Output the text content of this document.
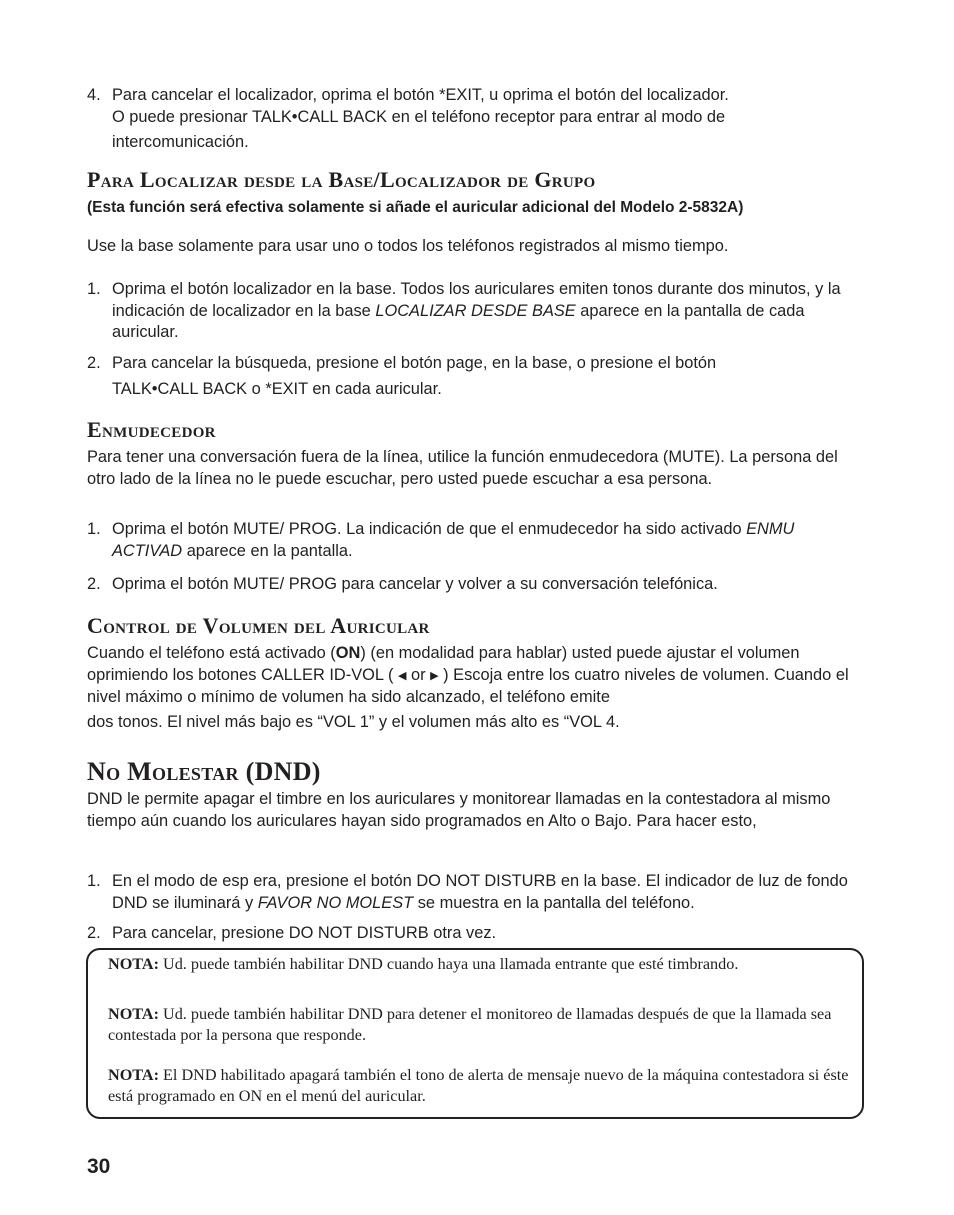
4. Para cancelar el localizador, oprima el botón *EXIT, u oprima el botón del localizador.
O puede presionar TALK•CALL BACK en el teléfono receptor para entrar al modo de
intercomunicación.
Para Localizar desde la Base/Localizador de Grupo

(Esta función será efectiva solamente si añade el auricular adicional del Modelo 2-5832A)

Use la base solamente para usar uno o todos los teléfonos registrados al mismo tiempo.

1. Oprima el botón localizador en la base. Todos los auriculares emiten tonos durante dos minutos, y la indicación de localizador en la base LOCALIZAR DESDE BASE aparece en la pantalla de cada auricular.
2. Para cancelar la búsqueda, presione el botón page, en la base, o presione el botón
TALK•CALL BACK o *EXIT en cada auricular.
Enmudecedor

Para tener una conversación fuera de la línea, utilice la función enmudecedora (MUTE). La persona del otro lado de la línea no le puede escuchar, pero usted puede escuchar a esa persona.

1. Oprima el botón MUTE/ PROG. La indicación de que el enmudecedor ha sido activado ENMU ACTIVAD aparece en la pantalla.
2. Oprima el botón MUTE/ PROG para cancelar y volver a su conversación telefónica.
Control de Volumen del Auricular

Cuando el teléfono está activado (ON) (en modalidad para hablar) usted puede ajustar el volumen oprimiendo los botones CALLER ID-VOL ( ◀ or ▶ ) Escoja entre los cuatro niveles de volumen. Cuando el nivel máximo o mínimo de volumen ha sido alcanzado, el teléfono emite

dos tonos. El nivel más bajo es “VOL 1” y el volumen más alto es “VOL 4.

No Molestar (DND)

DND le permite apagar el timbre en los auriculares y monitorear llamadas en la contestadora al mismo tiempo aún cuando los auriculares hayan sido programados en Alto o Bajo. Para hacer esto,

1. En el modo de esp era, presione el botón DO NOT DISTURB en la base. El indicador de luz de fondo DND se iluminará y FAVOR NO MOLEST se muestra en la pantalla del teléfono.
2. Para cancelar, presione DO NOT DISTURB otra vez.

NOTA: Ud. puede también habilitar DND cuando haya una llamada entrante que esté timbrando.

NOTA: Ud. puede también habilitar DND para detener el monitoreo de llamadas después de que la llamada sea contestada por la persona que responde.

NOTA: El DND habilitado apagará también el tono de alerta de mensaje nuevo de la máquina contestadora si éste está programado en ON en el menú del auricular.

30
